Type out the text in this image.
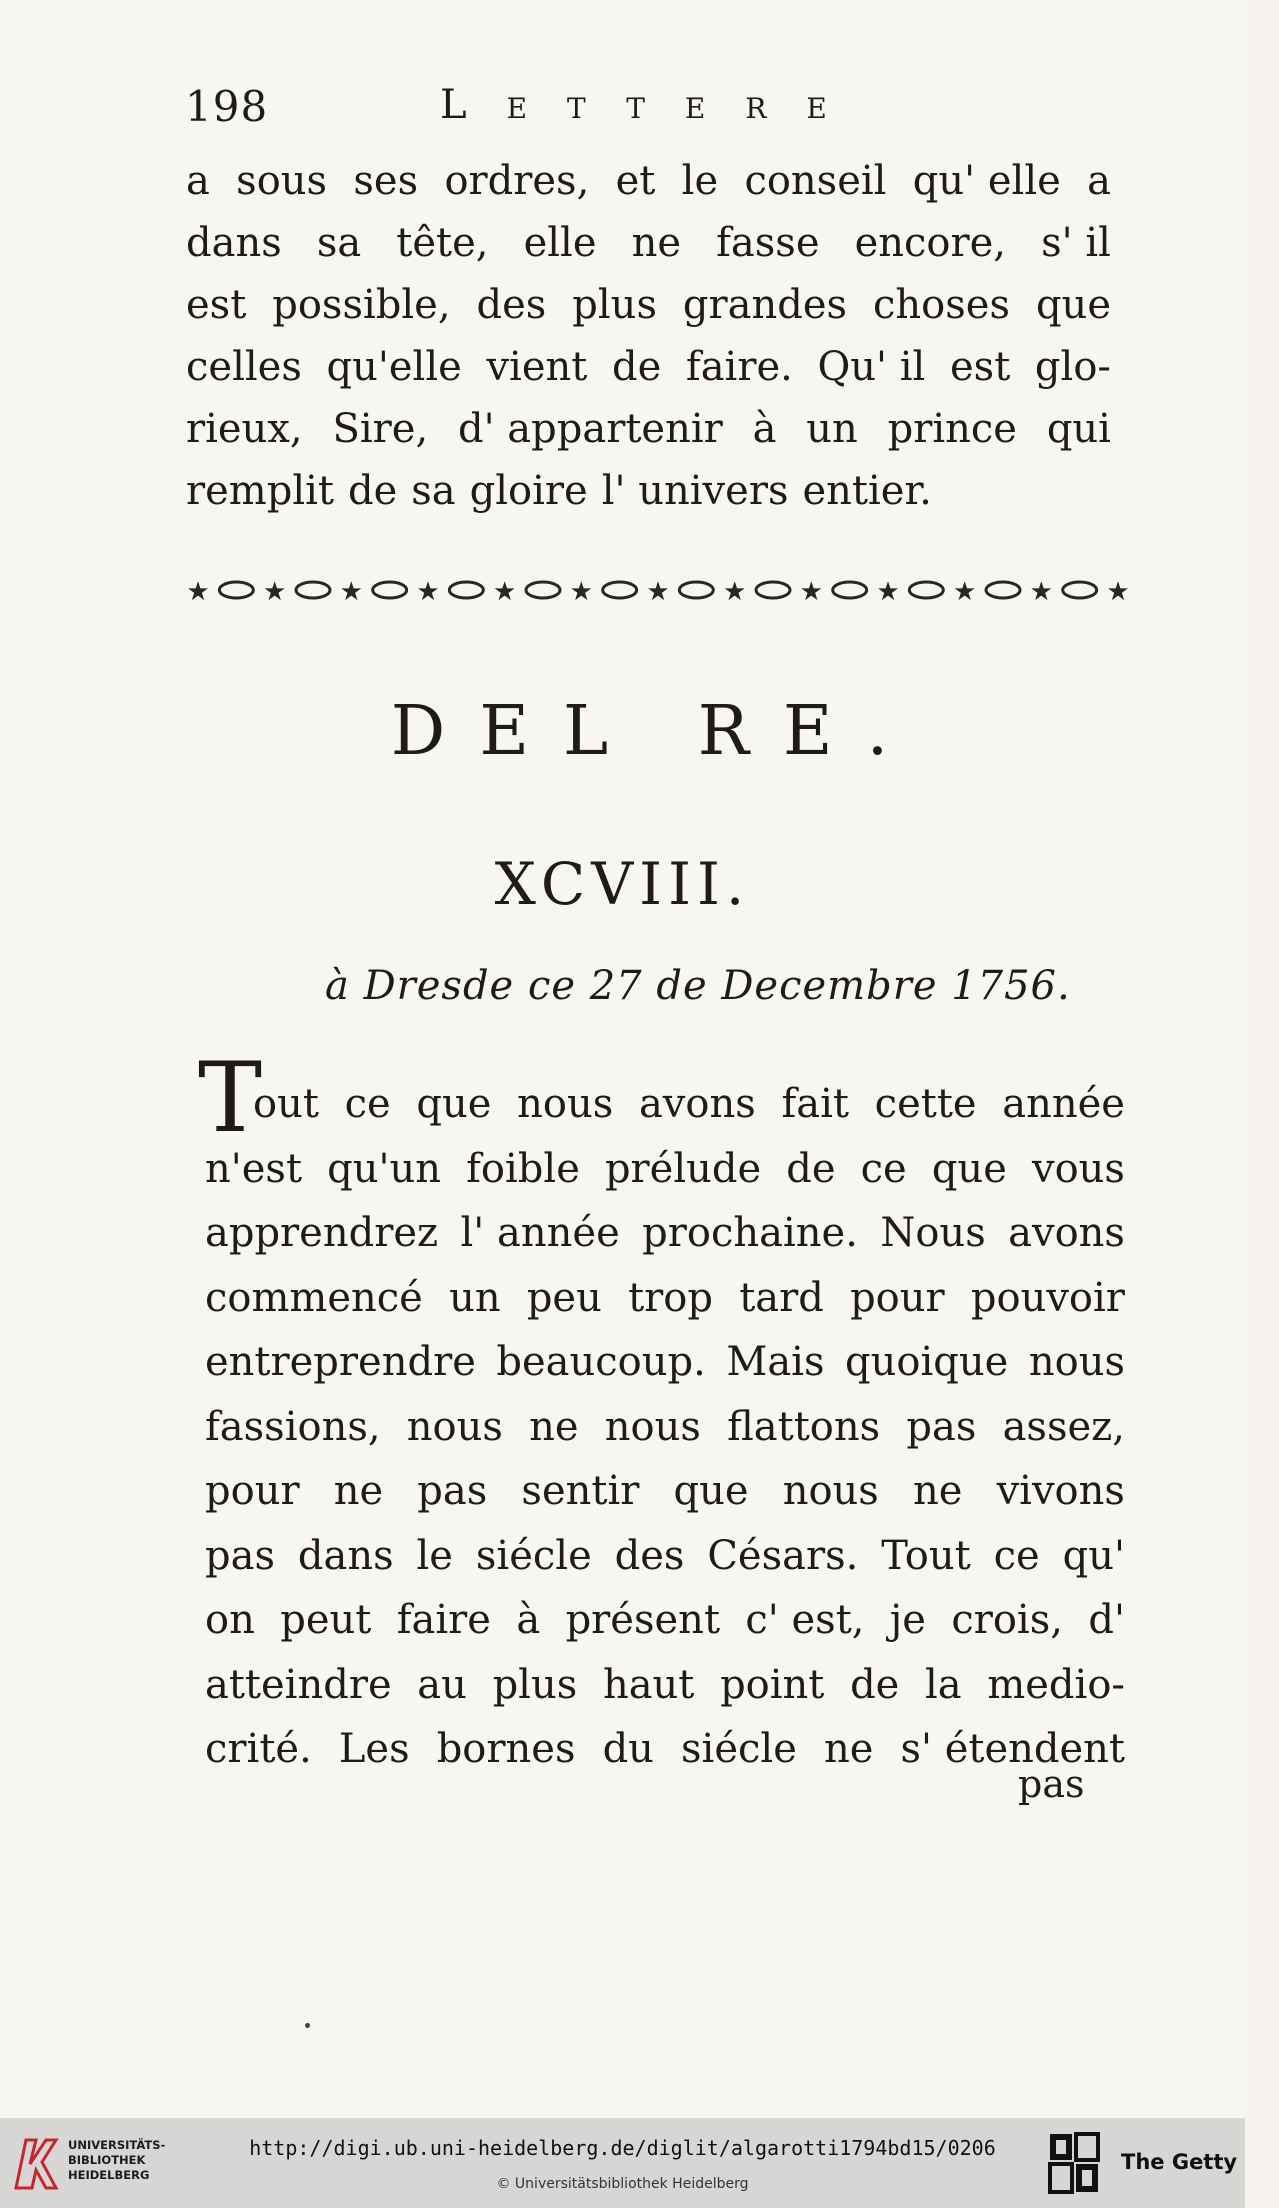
198	Lettere
a sous ses ordres, et le conseil qu' elle a
dans sa tête, elle ne fasse encore, s' il
est possible, des plus grandes choses que
celles qu'elle vient de faire. Qu' il est glo-
rieux, Sire, d' appartenir à un prince qui
remplit de sa gloire l' univers entier.
★ ★ ★ ★ ★ ★ ★ ★ ★ ★ ★ ★ ★
DEL RE.
XCVIII.
à Dresde ce 27 de Decembre 1756.
T
out ce que nous avons fait cette année
n'est qu'un foible prélude de ce que vous
apprendrez l' année prochaine. Nous avons
commencé un peu trop tard pour pouvoir
entreprendre beaucoup. Mais quoique nous
fassions, nous ne nous flattons pas assez,
pour ne pas sentir que nous ne vivons
pas dans le siécle des Césars. Tout ce qu'
on peut faire à présent c' est, je crois, d'
atteindre au plus haut point de la medio-
crité. Les bornes du siécle ne s' étendent
pas
UNIVERSITÄTS-
BIBLIOTHEK
HEIDELBERG
http://digi.ub.uni-heidelberg.de/diglit/algarotti1794bd15/0206
© Universitätsbibliothek Heidelberg
The Getty
